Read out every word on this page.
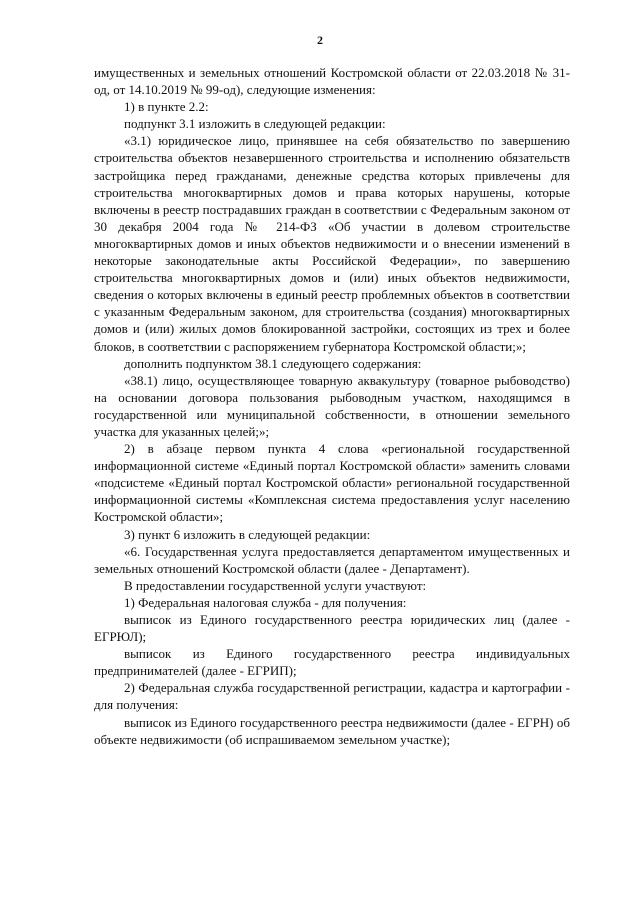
2

имущественных и земельных отношений Костромской области от 22.03.2018 № 31-од, от 14.10.2019 № 99-од), следующие изменения:

1) в пункте 2.2:

подпункт 3.1 изложить в следующей редакции:

«3.1) юридическое лицо, принявшее на себя обязательство по завершению строительства объектов незавершенного строительства и исполнению обязательств застройщика перед гражданами, денежные средства которых привлечены для строительства многоквартирных домов и права которых нарушены, которые включены в реестр пострадавших граждан в соответствии с Федеральным законом от 30 декабря 2004 года № 214-ФЗ «Об участии в долевом строительстве многоквартирных домов и иных объектов недвижимости и о внесении изменений в некоторые законодательные акты Российской Федерации», по завершению строительства многоквартирных домов и (или) иных объектов недвижимости, сведения о которых включены в единый реестр проблемных объектов в соответствии с указанным Федеральным законом, для строительства (создания) многоквартирных домов и (или) жилых домов блокированной застройки, состоящих из трех и более блоков, в соответствии с распоряжением губернатора Костромской области;»;

дополнить подпунктом 38.1 следующего содержания:

«38.1) лицо, осуществляющее товарную аквакультуру (товарное рыбоводство) на основании договора пользования рыбоводным участком, находящимся в государственной или муниципальной собственности, в отношении земельного участка для указанных целей;»;

2) в абзаце первом пункта 4 слова «региональной государственной информационной системе «Единый портал Костромской области» заменить словами «подсистеме «Единый портал Костромской области» региональной государственной информационной системы «Комплексная система предоставления услуг населению Костромской области»;

3) пункт 6 изложить в следующей редакции:

«6. Государственная услуга предоставляется департаментом имущественных и земельных отношений Костромской области (далее - Департамент).

В предоставлении государственной услуги участвуют:

1) Федеральная налоговая служба - для получения:

выписок из Единого государственного реестра юридических лиц (далее - ЕГРЮЛ);

выписок из Единого государственного реестра индивидуальных предпринимателей (далее - ЕГРИП);

2) Федеральная служба государственной регистрации, кадастра и картографии - для получения:

выписок из Единого государственного реестра недвижимости (далее - ЕГРН) об объекте недвижимости (об испрашиваемом земельном участке);
